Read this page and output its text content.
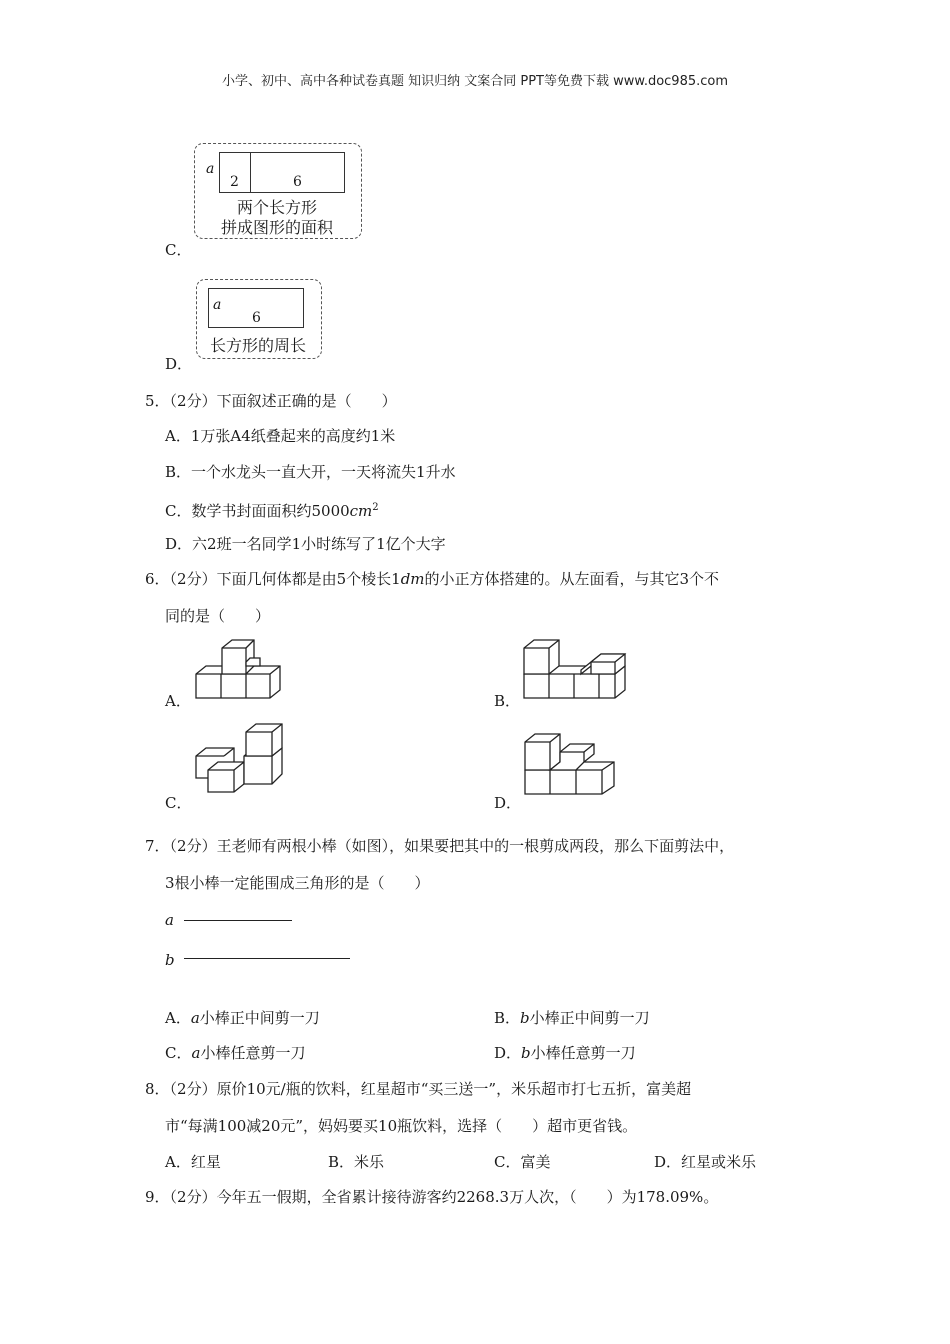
小学、初中、高中各种试卷真题 知识归纳 文案合同 PPT等免费下载 www.doc985.com
a
2	6
两个长方形
拼成图形的面积
C．
a
6
长方形的周长
D．
5．（2分）下面叙述正确的是（　　）
A．1万张A4纸叠起来的高度约1米
B．一个水龙头一直大开，一天将流失1升水
C．数学书封面面积约$5000cm^2$
D．六2班一名同学1小时练写了1亿个大字
6．（2分）下面几何体都是由5个棱长1dm的小正方体搭建的。从左面看，与其它3个不
同的是（　　）
A．	B．
C．	D．
7．（2分）王老师有两根小棒（如图），如果要把其中的一根剪成两段，那么下面剪法中，
3根小棒一定能围成三角形的是（　　）
a
b
A．a小棒正中间剪一刀	B．b小棒正中间剪一刀
C．a小棒任意剪一刀	D．b小棒任意剪一刀
8．（2分）原价10元/瓶的饮料，红星超市“买三送一”，米乐超市打七五折，富美超
市“每满100减20元”，妈妈要买10瓶饮料，选择（　　）超市更省钱。
A．红星	B．米乐	C．富美	D．红星或米乐
9．（2分）今年五一假期，全省累计接待游客约2268.3万人次，（　　）为178.09%。
